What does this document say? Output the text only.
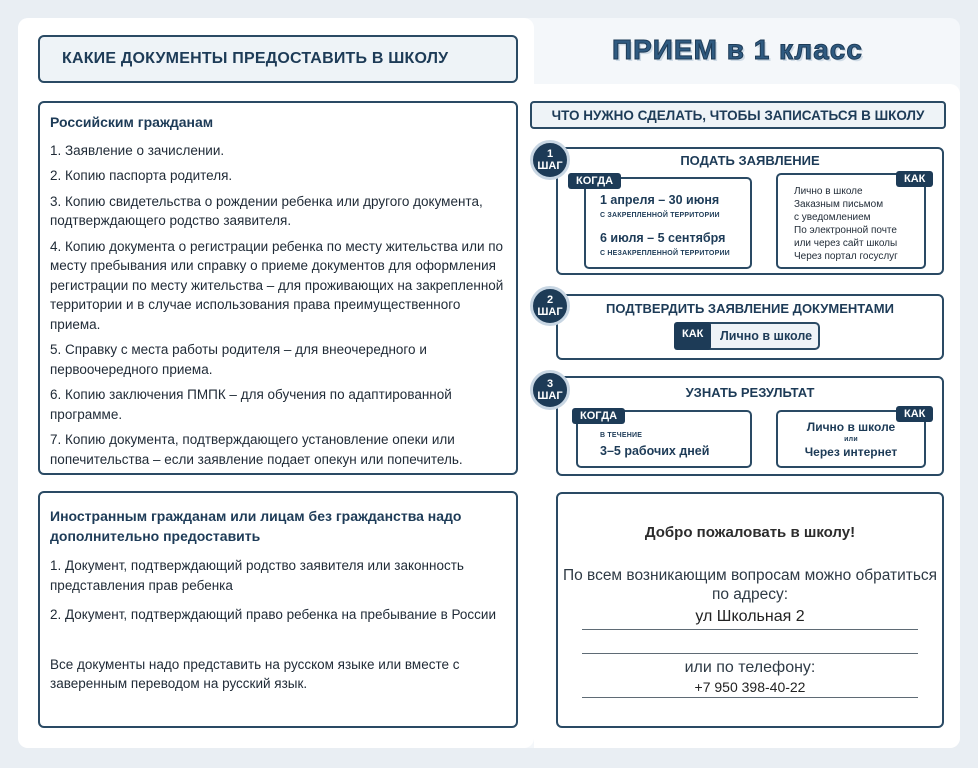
КАКИЕ ДОКУМЕНТЫ ПРЕДОСТАВИТЬ В ШКОЛУ	ПРИЕМ в 1 класс
Российским гражданам
1. Заявление о зачислении.
2. Копию паспорта родителя.
3. Копию свидетельства о рождении ребенка или другого документа, подтверждающего родство заявителя.
4. Копию документа о регистрации ребенка по месту жительства или по месту пребывания или справку о приеме документов для оформления регистрации по месту жительства – для проживающих на закрепленной территории и в случае использования права преимущественного приема.
5. Справку с места работы родителя – для внеочередного и первоочередного приема.
6. Копию заключения ПМПК – для обучения по адаптированной программе.
7. Копию документа, подтверждающего установление опеки или попечительства – если заявление подает опекун или попечитель.
Иностранным гражданам или лицам без гражданства надо дополнительно предоставить
1. Документ, подтверждающий родство заявителя или законность представления прав ребенка
2. Документ, подтверждающий право ребенка на пребывание в России
Все документы надо представить на русском языке или вместе с заверенным переводом на русский язык.
ЧТО НУЖНО СДЕЛАТЬ, ЧТОБЫ ЗАПИСАТЬСЯ В ШКОЛУ
ПОДАТЬ ЗАЯВЛЕНИЕ
1 апреля – 30 июня
С ЗАКРЕПЛЕННОЙ ТЕРРИТОРИИ
6 июля – 5 сентября
С НЕЗАКРЕПЛЕННОЙ ТЕРРИТОРИИ
КОГДА
Лично в школе
Заказным письмом
с уведомлением
По электронной почте
или через сайт школы
Через портал госуслуг
КАК
1
ШАГ
ПОДТВЕРДИТЬ ЗАЯВЛЕНИЕ ДОКУМЕНТАМИ
Лично в школе
КАК
2
ШАГ
УЗНАТЬ РЕЗУЛЬТАТ
В ТЕЧЕНИЕ
3–5 рабочих дней
КОГДА
Лично в школе
или
Через интернет
КАК
3
ШАГ
Добро пожаловать в школу!
По всем возникающим вопросам можно обратиться по адресу:
ул Школьная 2
или по телефону:
+7 950 398-40-22
